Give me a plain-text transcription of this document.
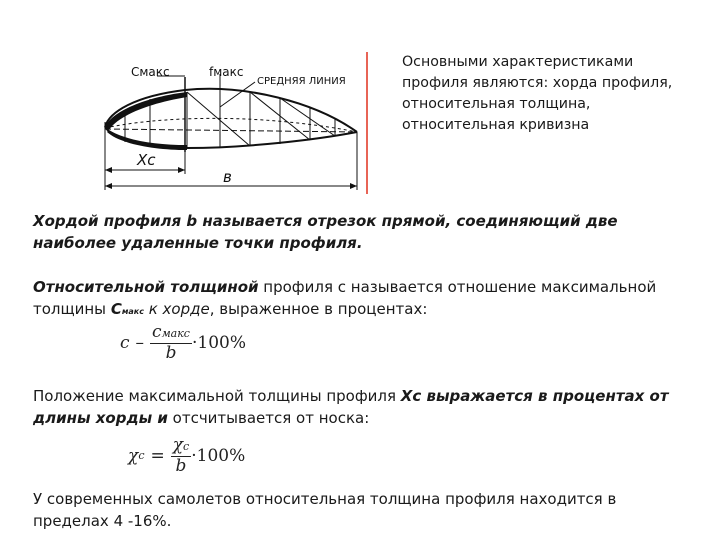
Смакс	fмакс
СРЕДНЯЯ ЛИНИЯ
Хс
в
Основными характеристиками профиля являются: хорда профиля, относительная толщина, относительная кривизна
Хордой профиля b называется отрезок прямой, соединяющий две наиболее удаленные точки профиля.
Относительной толщиной профиля с называется отношение максимальной толщины Смакс к хорде, выраженное в процентах:
$c - \frac{\text{cмакс}}{b} \cdot 100\%$
Положение максимальной толщины профиля Хс выражается в процентах от длины хорды и отсчитывается от носка:
χ $c = \frac{\chi c}{b} \cdot 100\%$
У современных самолетов относительная толщина профиля находится в пределах 4 -16%.
